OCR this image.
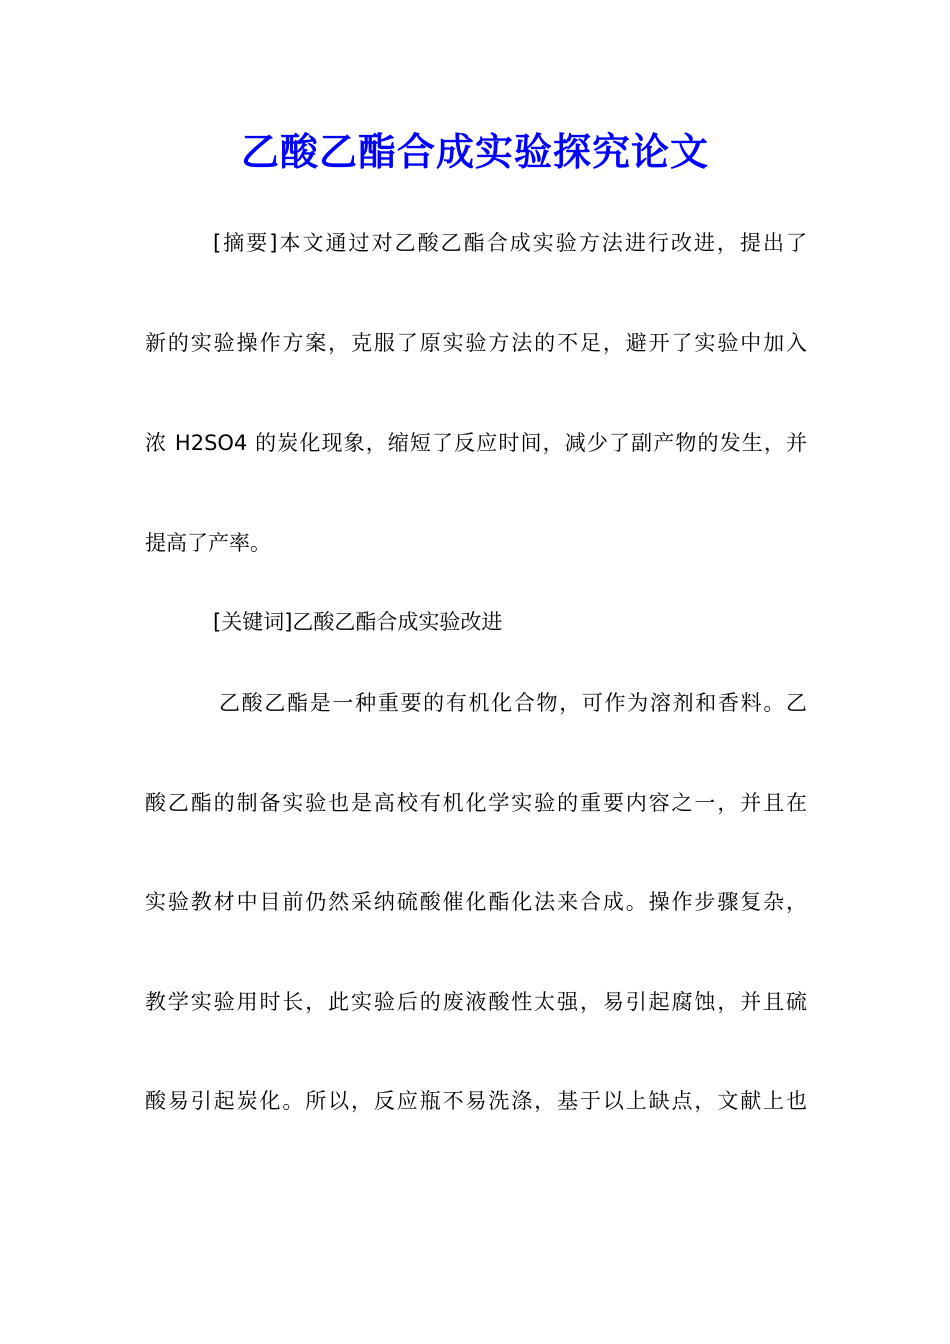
乙酸乙酯合成实验探究论文
[摘要]本文通过对乙酸乙酯合成实验方法进行改进，提出了
新的实验操作方案，克服了原实验方法的不足，避开了实验中加入
浓 H2SO4 的炭化现象，缩短了反应时间，减少了副产物的发生，并
提高了产率。
[关键词]乙酸乙酯合成实验改进
乙酸乙酯是一种重要的有机化合物，可作为溶剂和香料。乙
酸乙酯的制备实验也是高校有机化学实验的重要内容之一，并且在
实验教材中目前仍然采纳硫酸催化酯化法来合成。操作步骤复杂，
教学实验用时长，此实验后的废液酸性太强，易引起腐蚀，并且硫
酸易引起炭化。所以，反应瓶不易洗涤，基于以上缺点，文献上也
